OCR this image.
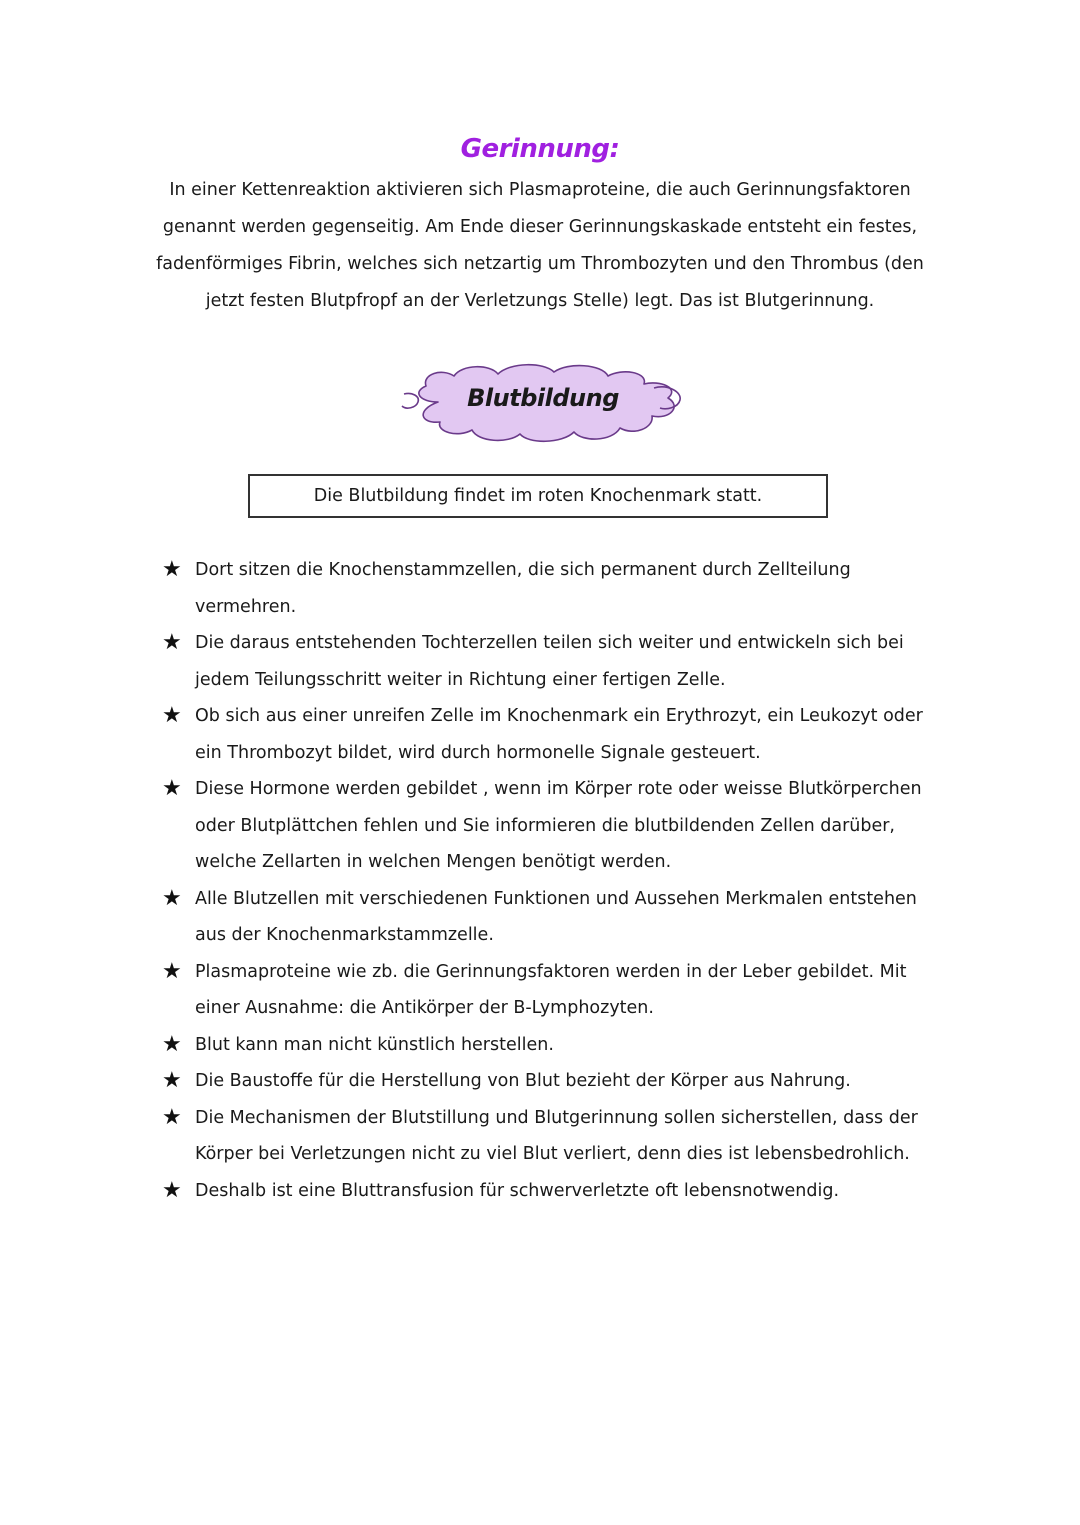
Gerinnung:
In einer Kettenreaktion aktivieren sich Plasmaproteine, die auch Gerinnungsfaktoren genannt werden gegenseitig. Am Ende dieser Gerinnungskaskade entsteht ein festes, fadenförmiges Fibrin, welches sich netzartig um Thrombozyten und den Thrombus (den jetzt festen Blutpfropf an der Verletzungs Stelle) legt. Das ist Blutgerinnung.
Blutbildung
Die Blutbildung findet im roten Knochenmark statt.
★ Dort sitzen die Knochenstammzellen, die sich permanent durch Zellteilung vermehren.
★ Die daraus entstehenden Tochterzellen teilen sich weiter und entwickeln sich bei jedem Teilungsschritt weiter in Richtung einer fertigen Zelle.
★ Ob sich aus einer unreifen Zelle im Knochenmark ein Erythrozyt, ein Leukozyt oder ein Thrombozyt bildet, wird durch hormonelle Signale gesteuert.
★ Diese Hormone werden gebildet , wenn im Körper rote oder weisse Blutkörperchen oder Blutplättchen fehlen und Sie informieren die blutbildenden Zellen darüber, welche Zellarten in welchen Mengen benötigt werden.
★ Alle Blutzellen mit verschiedenen Funktionen und Aussehen Merkmalen entstehen aus der Knochenmarkstammzelle.
★ Plasmaproteine wie zb. die Gerinnungsfaktoren werden in der Leber gebildet. Mit einer Ausnahme: die Antikörper der B-Lymphozyten.
★ Blut kann man nicht künstlich herstellen.
★ Die Baustoffe für die Herstellung von Blut bezieht der Körper aus Nahrung.
★ Die Mechanismen der Blutstillung und Blutgerinnung sollen sicherstellen, dass der Körper bei Verletzungen nicht zu viel Blut verliert, denn dies ist lebensbedrohlich.
★ Deshalb ist eine Bluttransfusion für schwerverletzte oft lebensnotwendig.
